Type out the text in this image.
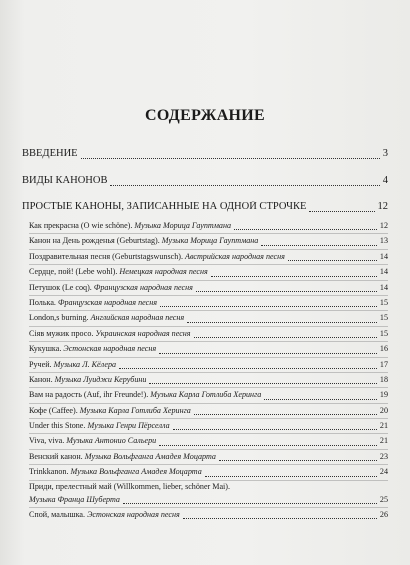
СОДЕРЖАНИЕ
ВВЕДЕНИЕ	3
ВИДЫ КАНОНОВ	4
ПРОСТЫЕ КАНОНЫ, ЗАПИСАННЫЕ НА ОДНОЙ СТРОЧКЕ	12
Как прекрасна (O wie schöne). Музыка Морица Гауптмана	12
Канон на День рожденья (Geburtstag). Музыка Морица Гауптмана	13
Поздравительная песня (Geburtstagswunsch). Австрийская народная песня	14
Сердце, пой! (Lebe wohl). Немецкая народная песня	14
Петушок (Le coq). Французская народная песня	14
Полька. Французская народная песня	15
London,s burning. Английская народная песня	15
Сіяв мужик просо. Украинская народная песня	15
Кукушка. Эстонская народная песня	16
Ручей. Музыка Л. Кёлера	17
Канон. Музыка Луиджи Керубини	18
Вам на радость (Auf, ihr Freunde!). Музыка Карла Готлиба Херинга	19
Кофе (Caffee). Музыка Карла Готлиба Херинга	20
Under this Stone. Музыка Генри Пёрселла	21
Viva, viva. Музыка Антонио Сальери	21
Венский канон. Музыка Вольфганга Амадея Моцарта	23
Trinkkanon. Музыка Вольфганга Амадея Моцарта	24
Приди, прелестный май (Willkommen, lieber, schöner Mai).
Музыка Франца Шуберта	25
Спой, малышка. Эстонская народная песня	26
